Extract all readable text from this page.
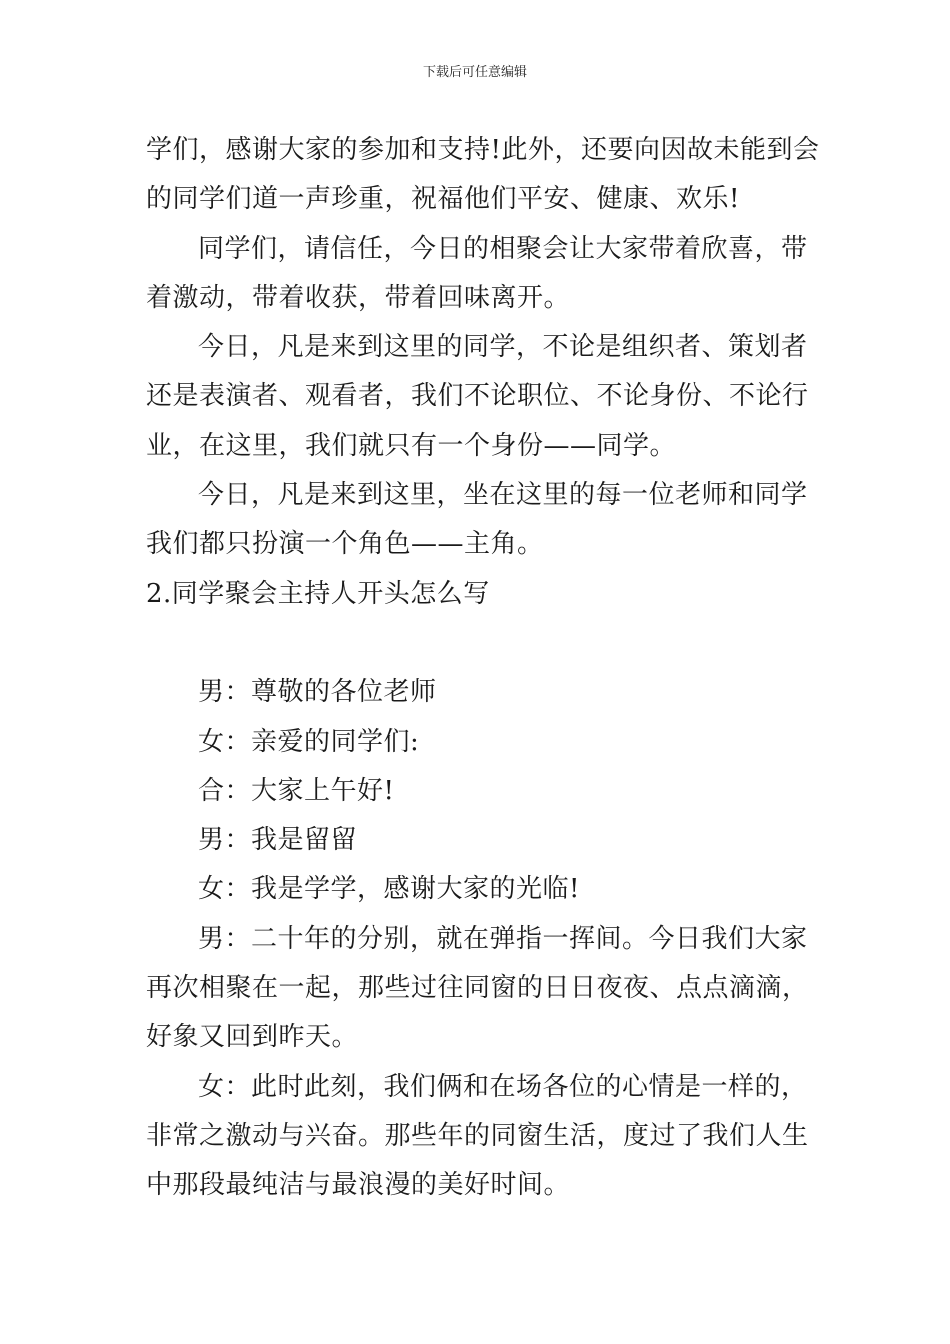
下载后可任意编辑
学们，感谢大家的参加和支持!此外，还要向因故未能到会
的同学们道一声珍重，祝福他们平安、健康、欢乐!
同学们，请信任，今日的相聚会让大家带着欣喜，带
着激动，带着收获，带着回味离开。
今日，凡是来到这里的同学，不论是组织者、策划者
还是表演者、观看者，我们不论职位、不论身份、不论行
业，在这里，我们就只有一个身份——同学。
今日，凡是来到这里，坐在这里的每一位老师和同学
我们都只扮演一个角色——主角。
2.同学聚会主持人开头怎么写
男：尊敬的各位老师
女：亲爱的同学们:
合：大家上午好!
男：我是留留
女：我是学学，感谢大家的光临!
男：二十年的分别，就在弹指一挥间。今日我们大家
再次相聚在一起，那些过往同窗的日日夜夜、点点滴滴，
好象又回到昨天。
女：此时此刻，我们俩和在场各位的心情是一样的，
非常之激动与兴奋。那些年的同窗生活，度过了我们人生
中那段最纯洁与最浪漫的美好时间。
